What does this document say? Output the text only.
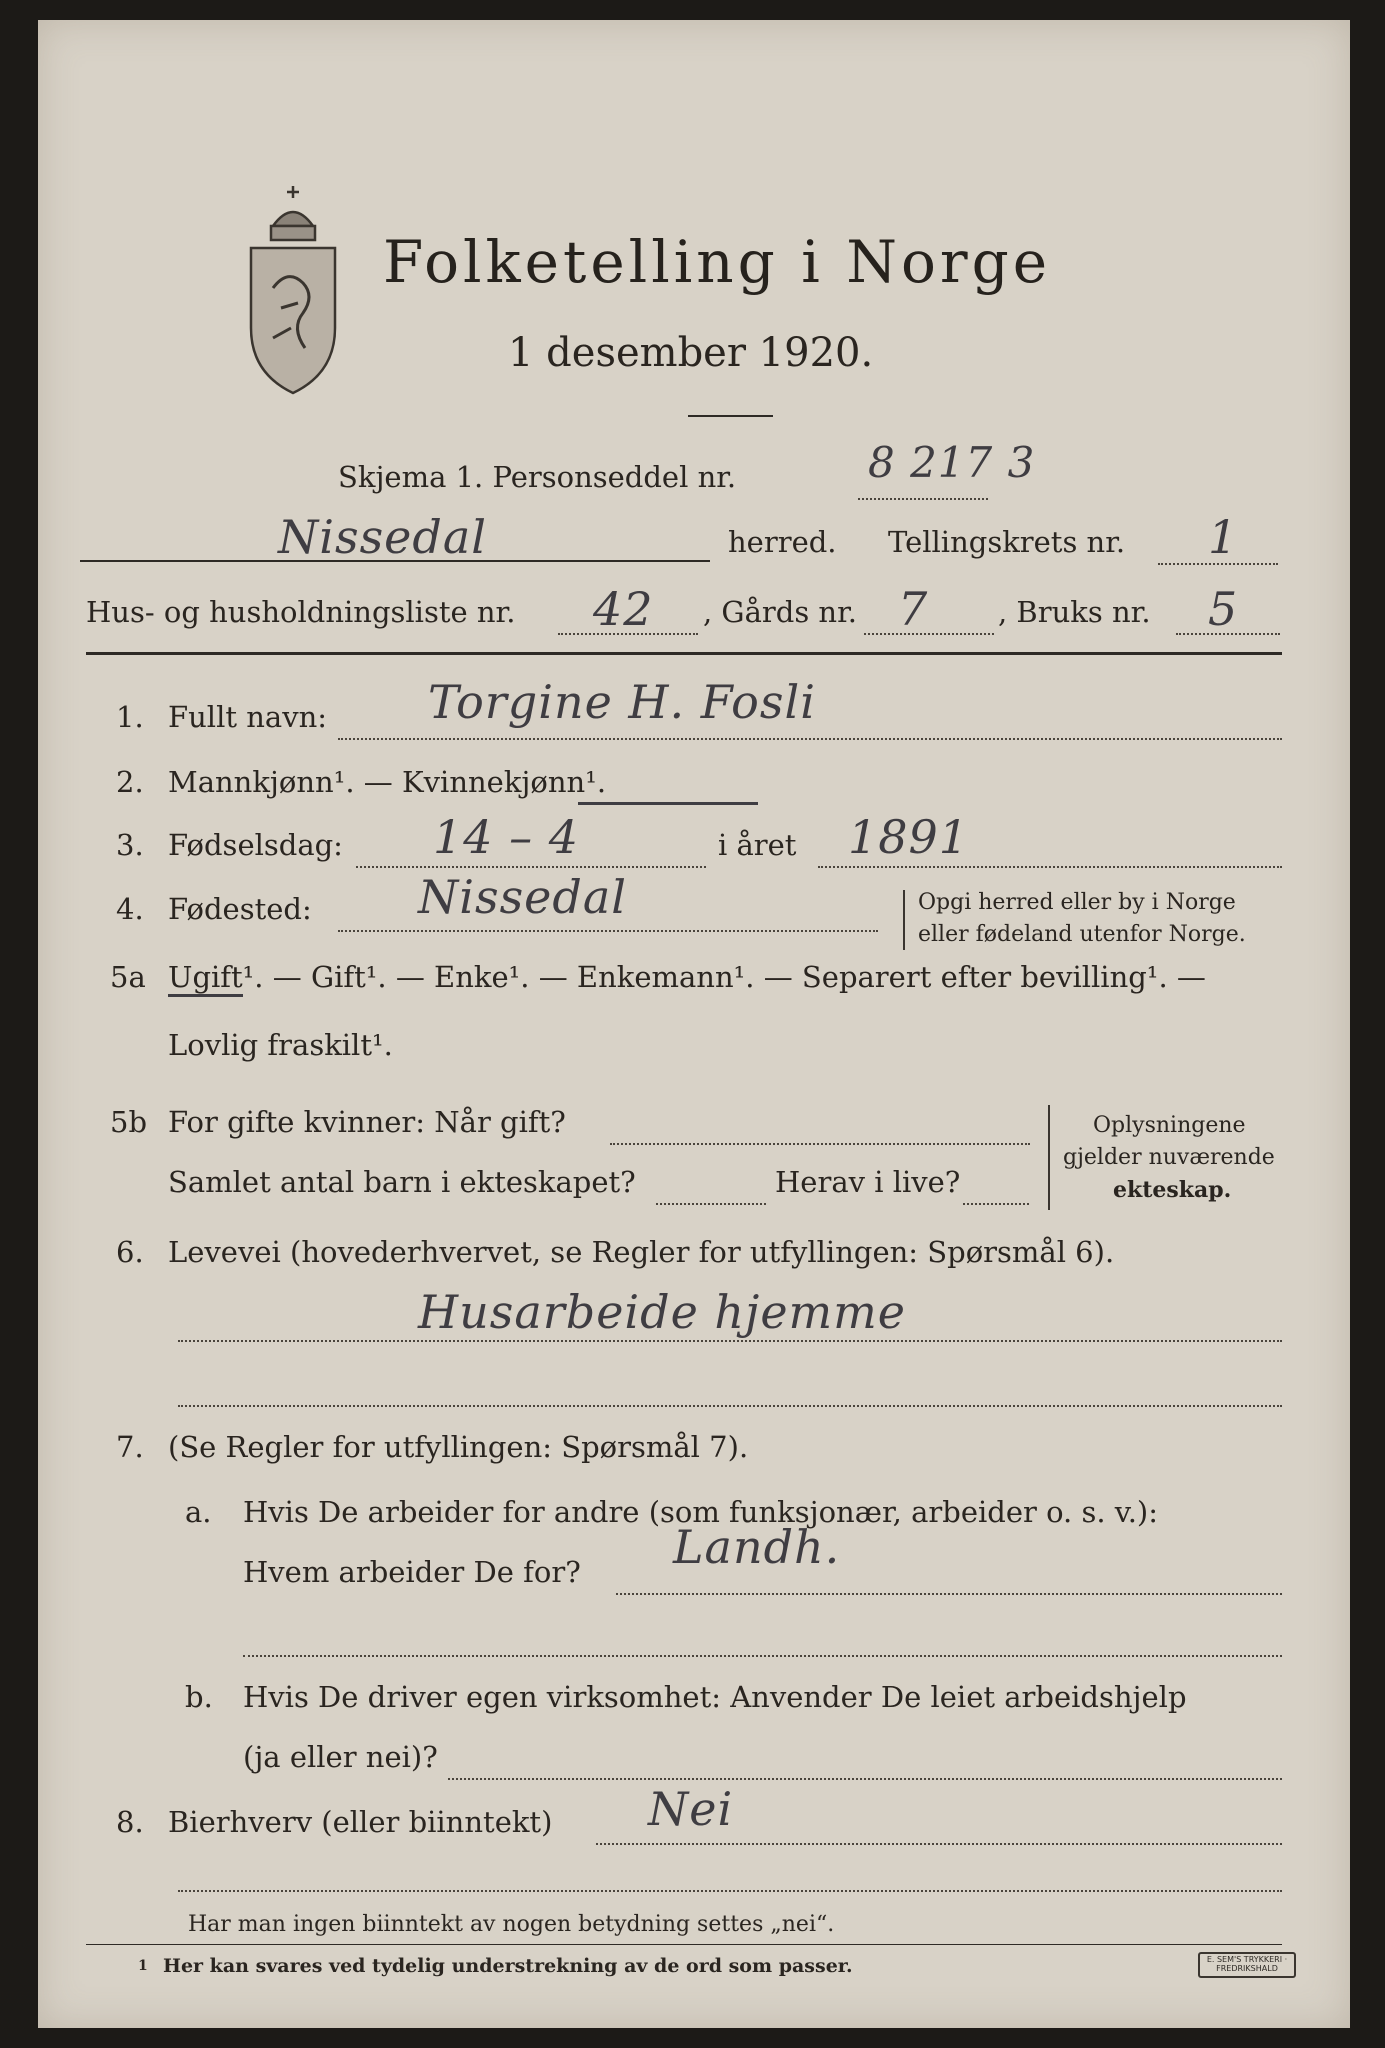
Folketelling i Norge
1 desember 1920.
Skjema 1. Personseddel nr.	8 217 3
Nissedal	herred. Tellingskrets nr. 1
Hus- og husholdningsliste nr. 42 , Gårds nr. 7 , Bruks nr. 5
1. Fullt navn: Torgine H. Fosli
2. Mannkjønn¹. — Kvinnekjønn¹.
3. Fødselsdag: 14 – 4	i året 1891
4. Fødested: Nissedal	Opgi herred eller by i Norge
eller fødeland utenfor Norge.
5a Ugift¹. — Gift¹. — Enke¹. — Enkemann¹. — Separert efter bevilling¹. —
Lovlig fraskilt¹.
5b For gifte kvinner: Når gift?
Samlet antal barn i ekteskapet?	Herav i live?
Oplysningene
gjelder nuværende
ekteskap.
6. Levevei (hovederhvervet, se Regler for utfyllingen: Spørsmål 6).
Husarbeide hjemme
7. (Se Regler for utfyllingen: Spørsmål 7).
a. Hvis De arbeider for andre (som funksjonær, arbeider o. s. v.):
Hvem arbeider De for? Landh.
b. Hvis De driver egen virksomhet: Anvender De leiet arbeidshjelp
(ja eller nei)?
8. Bierhverv (eller biinntekt) Nei
Har man ingen biinntekt av nogen betydning settes „nei“.
1 Her kan svares ved tydelig understrekning av de ord som passer.	E. SEM'S TRYKKERI · FREDRIKSHALD
